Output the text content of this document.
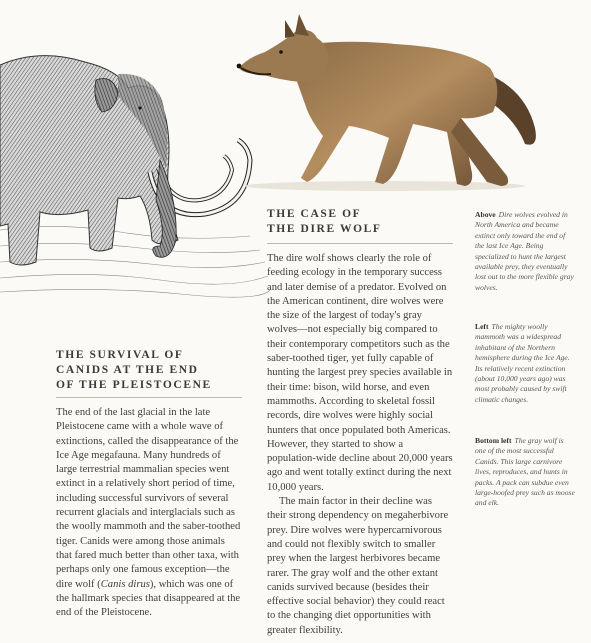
THE CASE OF
THE DIRE WOLF

The dire wolf shows clearly the role of feeding ecology in the temporary success and later demise of a predator. Evolved on the American continent, dire wolves were the size of the largest of today's gray wolves—not especially big compared to their contemporary competitors such as the saber-toothed tiger, yet fully capable of hunting the largest prey species available in their time: bison, wild horse, and even mammoths. According to skeletal fossil records, dire wolves were highly social hunters that once populated both Americas. However, they started to show a population-wide decline about 20,000 years ago and went totally extinct during the next 10,000 years.

The main factor in their decline was their strong dependency on megaherbivore prey. Dire wolves were hypercarnivorous and could not flexibly switch to smaller prey when the largest herbivores became rarer. The gray wolf and the other extant canids survived because (besides their effective social behavior) they could react to the changing diet opportunities with greater flexibility.

THE SURVIVAL OF
CANIDS AT THE END
OF THE PLEISTOCENE

The end of the last glacial in the late Pleistocene came with a whole wave of extinctions, called the disappearance of the Ice Age megafauna. Many hundreds of large terrestrial mammalian species went extinct in a relatively short period of time, including successful survivors of several recurrent glacials and interglacials such as the woolly mammoth and the saber-toothed tiger. Canids were among those animals that fared much better than other taxa, with perhaps only one famous exception—the dire wolf (Canis dirus), which was one of the hallmark species that disappeared at the end of the Pleistocene.

Above Dire wolves evolved in North America and became extinct only toward the end of the last Ice Age. Being specialized to hunt the largest available prey, they eventually lost out to the more flexible gray wolves.
Left The mighty woolly mammoth was a widespread inhabitant of the Northern hemisphere during the Ice Age. Its relatively recent extinction (about 10,000 years ago) was most probably caused by swift climatic changes.
Bottom left The gray wolf is one of the most successful Canids. This large carnivore lives, reproduces, and hunts in packs. A pack can subdue even large-hoofed prey such as moose and elk.
